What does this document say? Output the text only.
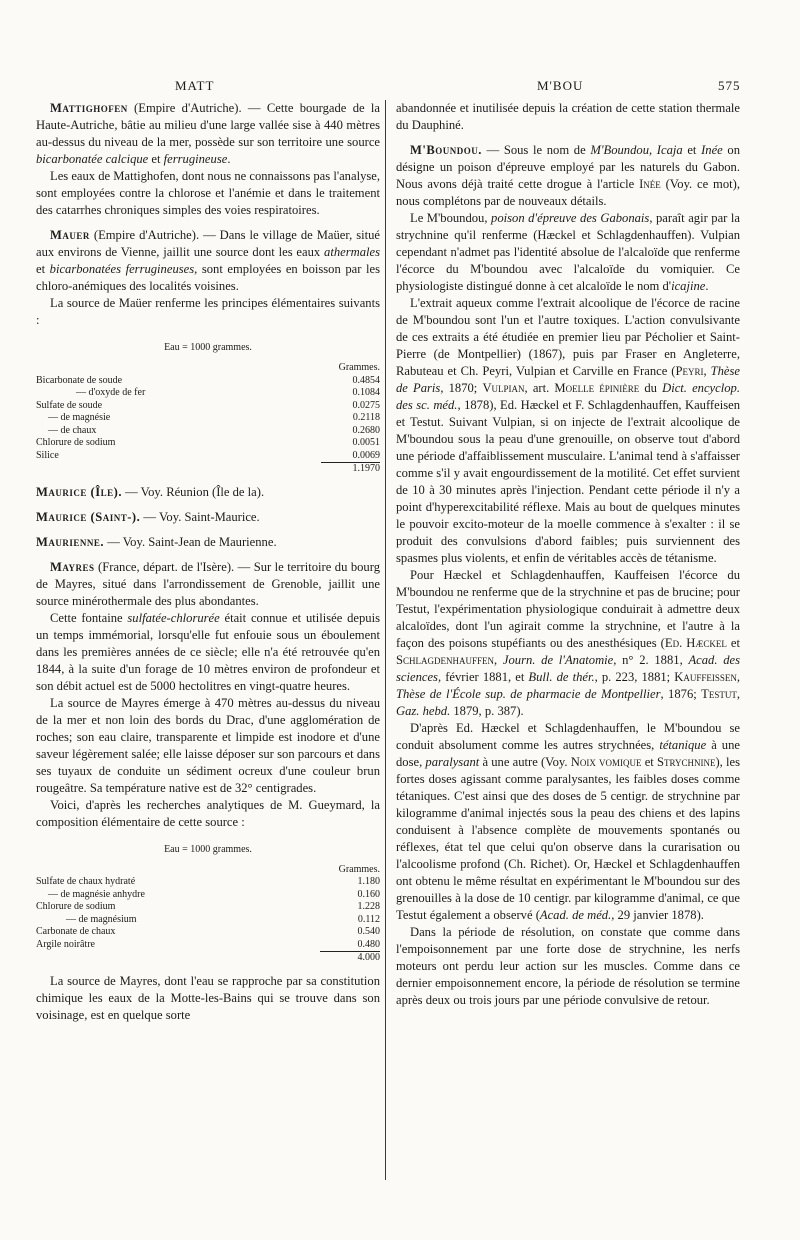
MATT	M'BOU	575

Mattighofen (Empire d'Autriche). — Cette bourgade de la Haute-Autriche, bâtie au milieu d'une large vallée sise à 440 mètres au-dessus du niveau de la mer, possède sur son territoire une source bicarbonatée calcique et ferrugineuse.

Les eaux de Mattighofen, dont nous ne connaissons pas l'analyse, sont employées contre la chlorose et l'anémie et dans le traitement des catarrhes chroniques simples des voies respiratoires.

Mauer (Empire d'Autriche). — Dans le village de Maüer, situé aux environs de Vienne, jaillit une source dont les eaux athermales et bicarbonatées ferrugineuses, sont employées en boisson par les chloro-anémiques des localités voisines.

La source de Maüer renferme les principes élémentaires suivants :

Eau = 1000 grammes.
	Grammes.
Bicarbonate de soude	0.4854
— d'oxyde de fer	0.1084
Sulfate de soude	0.0275
— de magnésie	0.2118
— de chaux	0.2680
Chlorure de sodium	0.0051
Silice	0.0069
	1.1970

Maurice (Île). — Voy. Réunion (Île de la).

Maurice (Saint-). — Voy. Saint-Maurice.

Maurienne. — Voy. Saint-Jean de Maurienne.

Mayres (France, départ. de l'Isère). — Sur le territoire du bourg de Mayres, situé dans l'arrondissement de Grenoble, jaillit une source minérothermale des plus abondantes.

Cette fontaine sulfatée-chlorurée était connue et utilisée depuis un temps immémorial, lorsqu'elle fut enfouie sous un éboulement dans les premières années de ce siècle; elle n'a été retrouvée qu'en 1844, à la suite d'un forage de 10 mètres environ de profondeur et son débit actuel est de 5000 hectolitres en vingt-quatre heures.

La source de Mayres émerge à 470 mètres au-dessus du niveau de la mer et non loin des bords du Drac, d'une agglomération de roches; son eau claire, transparente et limpide est inodore et d'une saveur légèrement salée; elle laisse déposer sur son parcours et dans ses tuyaux de conduite un sédiment ocreux d'une couleur brun rougeâtre. Sa température native est de 32° centigrades.

Voici, d'après les recherches analytiques de M. Gueymard, la composition élémentaire de cette source :

Eau = 1000 grammes.
	Grammes.
Sulfate de chaux hydraté	1.180
— de magnésie anhydre	0.160
Chlorure de sodium	1.228
— de magnésium	0.112
Carbonate de chaux	0.540
Argile noirâtre	0.480
	4.000

La source de Mayres, dont l'eau se rapproche par sa constitution chimique les eaux de la Motte-les-Bains qui se trouve dans son voisinage, est en quelque sorte

abandonnée et inutilisée depuis la création de cette station thermale du Dauphiné.

M'Boundou. — Sous le nom de M'Boundou, Icaja et Inée on désigne un poison d'épreuve employé par les naturels du Gabon. Nous avons déjà traité cette drogue à l'article Inée (Voy. ce mot), nous complétons par de nouveaux détails.

Le M'boundou, poison d'épreuve des Gabonais, paraît agir par la strychnine qu'il renferme (Hæckel et Schlagdenhauffen). Vulpian cependant n'admet pas l'identité absolue de l'alcaloïde que renferme l'écorce du M'boundou avec l'alcaloïde du vomiquier. Ce physiologiste distingué donne à cet alcaloïde le nom d'icajine.

L'extrait aqueux comme l'extrait alcoolique de l'écorce de racine de M'boundou sont l'un et l'autre toxiques. L'action convulsivante de ces extraits a été étudiée en premier lieu par Pécholier et Saint-Pierre (de Montpellier) (1867), puis par Fraser en Angleterre, Rabuteau et Ch. Peyri, Vulpian et Carville en France (Peyri, Thèse de Paris, 1870; Vulpian, art. Moelle épinière du Dict. encyclop. des sc. méd., 1878), Ed. Hæckel et F. Schlagdenhauffen, Kauffeisen et Testut. Suivant Vulpian, si on injecte de l'extrait alcoolique de M'boundou sous la peau d'une grenouille, on observe tout d'abord une période d'affaiblissement musculaire. L'animal tend à s'affaisser comme s'il y avait engourdissement de la motilité. Cet effet survient de 10 à 30 minutes après l'injection. Pendant cette période il n'y a point d'hyperexcitabilité réflexe. Mais au bout de quelques minutes le pouvoir excito-moteur de la moelle commence à s'exalter : il se produit des convulsions d'abord faibles; puis surviennent des spasmes plus violents, et enfin de véritables accès de tétanisme.

Pour Hæckel et Schlagdenhauffen, Kauffeisen l'écorce du M'boundou ne renferme que de la strychnine et pas de brucine; pour Testut, l'expérimentation physiologique conduirait à admettre deux alcaloïdes, dont l'un agirait comme la strychnine, et l'autre à la façon des poisons stupéfiants ou des anesthésiques (Ed. Hæckel et Schlagdenhauffen, Journ. de l'Anatomie, n° 2. 1881, Acad. des sciences, février 1881, et Bull. de thér., p. 223, 1881; Kauffeissen, Thèse de l'École sup. de pharmacie de Montpellier, 1876; Testut, Gaz. hebd. 1879, p. 387).

D'après Ed. Hæckel et Schlagdenhauffen, le M'boundou se conduit absolument comme les autres strychnées, tétanique à une dose, paralysant à une autre (Voy. Noix vomique et Strychnine), les fortes doses agissant comme paralysantes, les faibles doses comme tétaniques. C'est ainsi que des doses de 5 centigr. de strychnine par kilogramme d'animal injectés sous la peau des chiens et des lapins conduisent à l'absence complète de mouvements spontanés ou réflexes, état tel que celui qu'on observe dans la curarisation ou l'alcoolisme profond (Ch. Richet). Or, Hæckel et Schlagdenhauffen ont obtenu le même résultat en expérimentant le M'boundou sur des grenouilles à la dose de 10 centigr. par kilogramme d'animal, ce que Testut également a observé (Acad. de méd., 29 janvier 1878).

Dans la période de résolution, on constate que comme dans l'empoisonnement par une forte dose de strychnine, les nerfs moteurs ont perdu leur action sur les muscles. Comme dans ce dernier empoisonnement encore, la période de résolution se termine après deux ou trois jours par une période convulsive de retour.
